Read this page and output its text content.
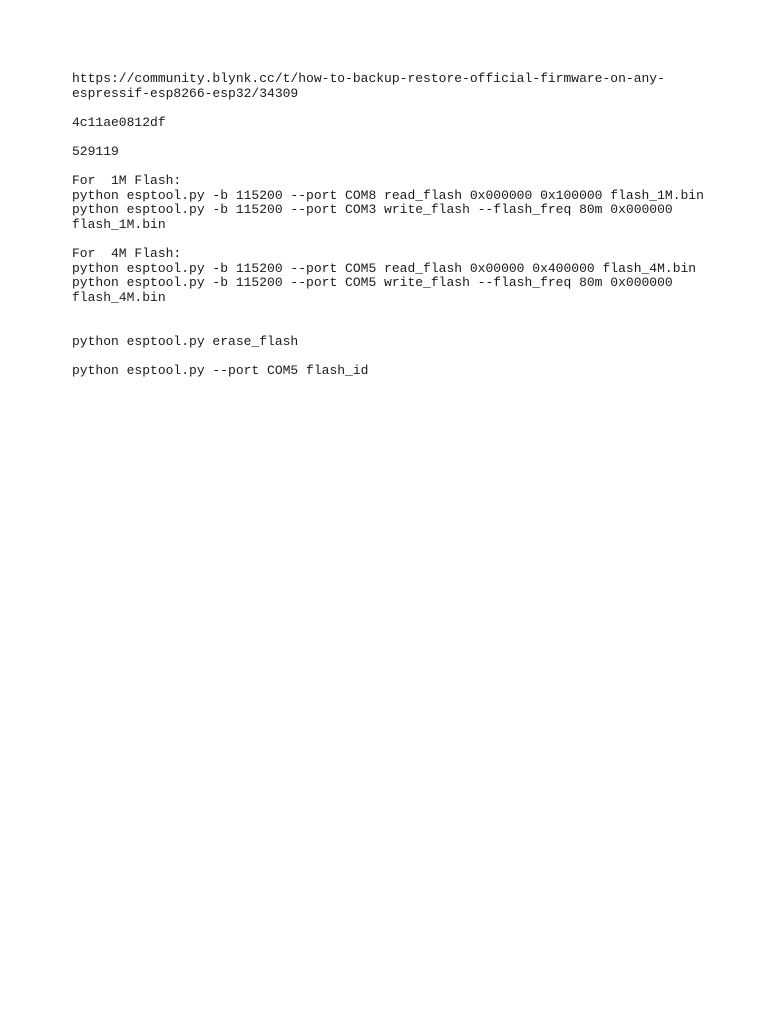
https://community.blynk.cc/t/how-to-backup-restore-official-firmware-on-any-
espressif-esp8266-esp32/34309
4c11ae0812df
529119
For  1M Flash:
python esptool.py -b 115200 --port COM8 read_flash 0x000000 0x100000 flash_1M.bin
python esptool.py -b 115200 --port COM3 write_flash --flash_freq 80m 0x000000
flash_1M.bin
For  4M Flash:
python esptool.py -b 115200 --port COM5 read_flash 0x00000 0x400000 flash_4M.bin
python esptool.py -b 115200 --port COM5 write_flash --flash_freq 80m 0x000000
flash_4M.bin
python esptool.py erase_flash
python esptool.py --port COM5 flash_id
